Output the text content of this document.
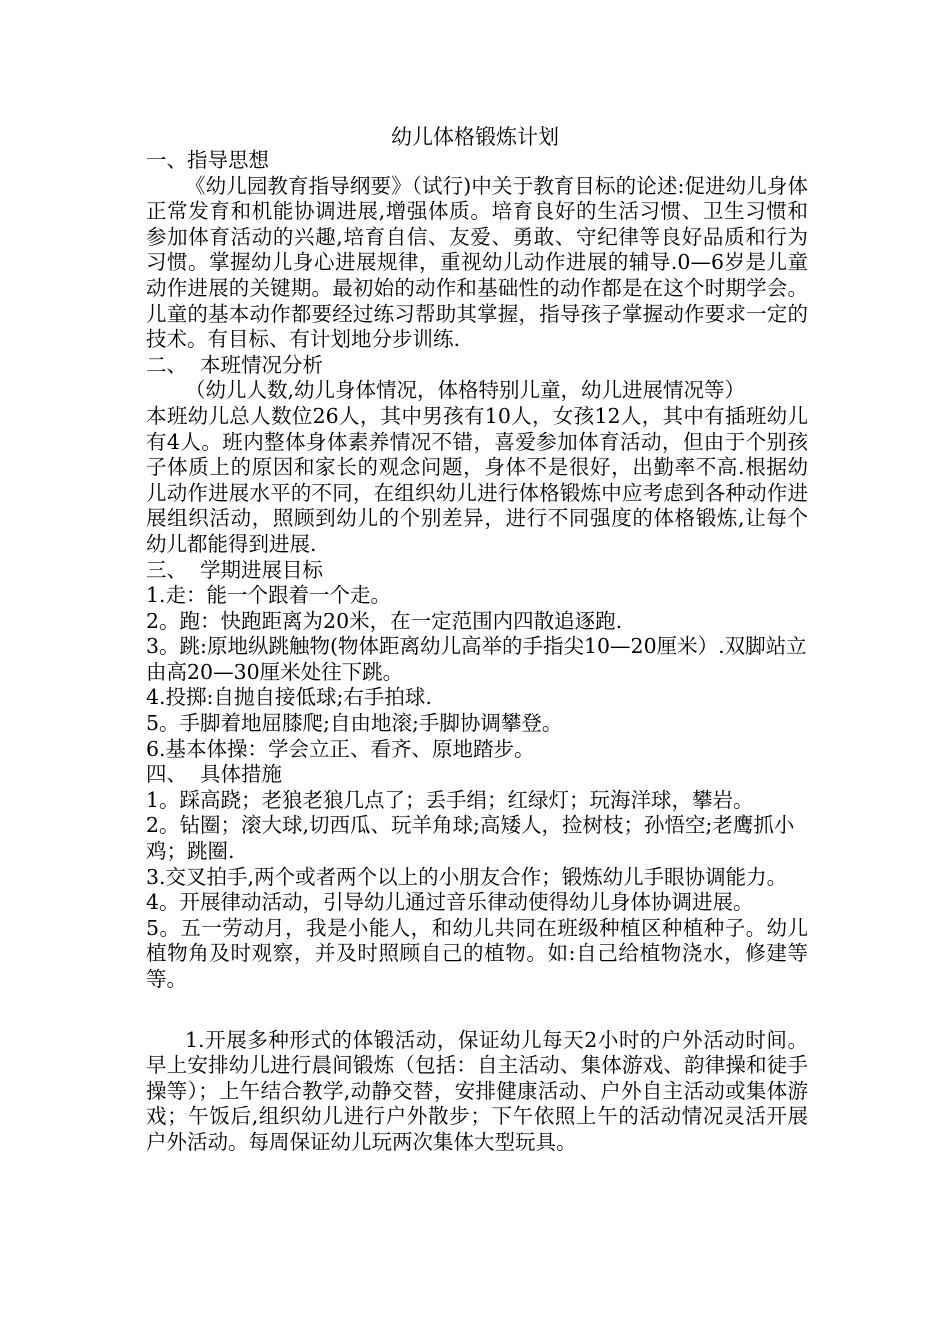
幼儿体格锻炼计划

一、指导思想

《幼儿园教育指导纲要》（试行)中关于教育目标的论述:促进幼儿身体正常发育和机能协调进展,增强体质。培育良好的生活习惯、卫生习惯和参加体育活动的兴趣,培育自信、友爱、勇敢、守纪律等良好品质和行为习惯。掌握幼儿身心进展规律，重视幼儿动作进展的辅导.0—6岁是儿童动作进展的关键期。最初始的动作和基础性的动作都是在这个时期学会。儿童的基本动作都要经过练习帮助其掌握，指导孩子掌握动作要求一定的技术。有目标、有计划地分步训练.

二、  本班情况分析

（幼儿人数,幼儿身体情况，体格特别儿童，幼儿进展情况等）

本班幼儿总人数位26人，其中男孩有10人，女孩12人，其中有插班幼儿有4人。班内整体身体素养情况不错，喜爱参加体育活动，但由于个别孩子体质上的原因和家长的观念问题，身体不是很好，出勤率不高.根据幼儿动作进展水平的不同，在组织幼儿进行体格锻炼中应考虑到各种动作进展组织活动，照顾到幼儿的个别差异，进行不同强度的体格锻炼,让每个幼儿都能得到进展.

三、  学期进展目标

1.走：能一个跟着一个走。

2。跑：快跑距离为20米，在一定范围内四散追逐跑.

3。跳:原地纵跳触物(物体距离幼儿高举的手指尖10—20厘米）.双脚站立由高20—30厘米处往下跳。

4.投掷:自抛自接低球;右手拍球.

5。手脚着地屈膝爬;自由地滚;手脚协调攀登。

6.基本体操：学会立正、看齐、原地踏步。

四、  具体措施

1。踩高跷；老狼老狼几点了；丢手绢；红绿灯；玩海洋球，攀岩。

2。钻圈；滚大球,切西瓜、玩羊角球;高矮人，捡树枝；孙悟空;老鹰抓小鸡；跳圈.

3.交叉拍手,两个或者两个以上的小朋友合作；锻炼幼儿手眼协调能力。

4。开展律动活动，引导幼儿通过音乐律动使得幼儿身体协调进展。

5。五一劳动月，我是小能人，和幼儿共同在班级种植区种植种子。幼儿植物角及时观察，并及时照顾自己的植物。如:自己给植物浇水，修建等等。

1.开展多种形式的体锻活动，保证幼儿每天2小时的户外活动时间。早上安排幼儿进行晨间锻炼（包括：自主活动、集体游戏、韵律操和徒手操等）；上午结合教学,动静交替，安排健康活动、户外自主活动或集体游戏；午饭后,组织幼儿进行户外散步；下午依照上午的活动情况灵活开展户外活动。每周保证幼儿玩两次集体大型玩具。
